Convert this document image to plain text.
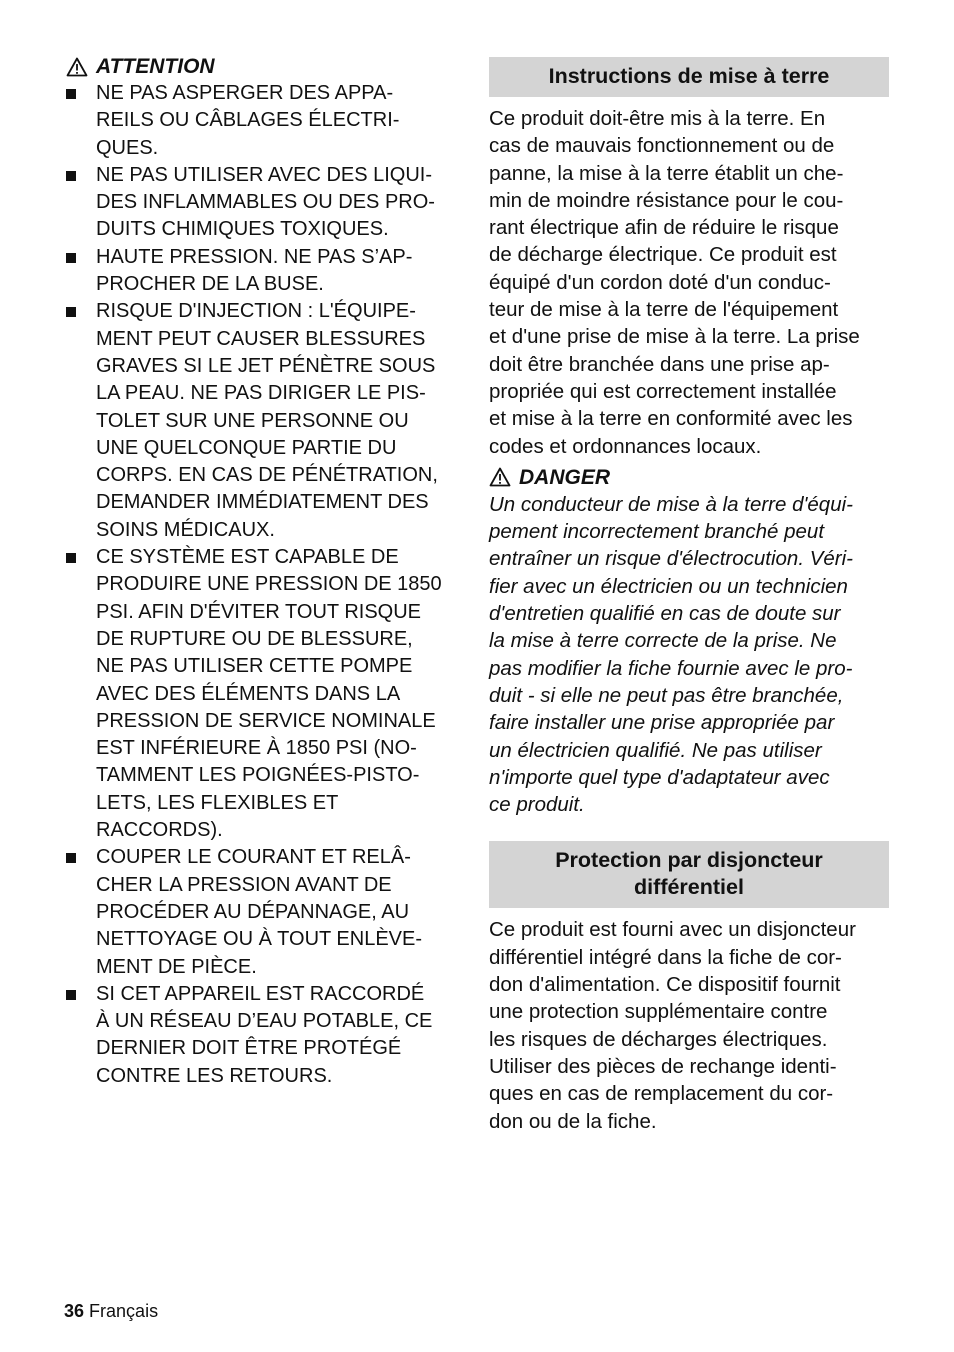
ATTENTION
NE PAS ASPERGER DES APPA-
REILS OU CÂBLAGES ÉLECTRI-
QUES.
NE PAS UTILISER AVEC DES LIQUI-
DES INFLAMMABLES OU DES PRO-
DUITS CHIMIQUES TOXIQUES.
HAUTE PRESSION. NE PAS S’AP-
PROCHER DE LA BUSE.
RISQUE D'INJECTION : L'ÉQUIPE-
MENT PEUT CAUSER BLESSURES
GRAVES SI LE JET PÉNÈTRE SOUS
LA PEAU. NE PAS DIRIGER LE PIS-
TOLET SUR UNE PERSONNE OU
UNE QUELCONQUE PARTIE DU
CORPS. EN CAS DE PÉNÉTRATION,
DEMANDER IMMÉDIATEMENT DES
SOINS MÉDICAUX.
CE SYSTÈME EST CAPABLE DE
PRODUIRE UNE PRESSION DE 1850
PSI. AFIN D'ÉVITER TOUT RISQUE
DE RUPTURE OU DE BLESSURE,
NE PAS UTILISER CETTE POMPE
AVEC DES ÉLÉMENTS DANS LA
PRESSION DE SERVICE NOMINALE
EST INFÉRIEURE À 1850 PSI (NO-
TAMMENT LES POIGNÉES-PISTO-
LETS, LES FLEXIBLES ET
RACCORDS).
COUPER LE COURANT ET RELÂ-
CHER LA PRESSION AVANT DE
PROCÉDER AU DÉPANNAGE, AU
NETTOYAGE OU À TOUT ENLÈVE-
MENT DE PIÈCE.
SI CET APPAREIL EST RACCORDÉ
À UN RÉSEAU D’EAU POTABLE, CE
DERNIER DOIT ÊTRE PROTÉGÉ
CONTRE LES RETOURS.
Instructions de mise à terre

Ce produit doit-être mis à la terre. En
cas de mauvais fonctionnement ou de
panne, la mise à la terre établit un che-
min de moindre résistance pour le cou-
rant électrique afin de réduire le risque
de décharge électrique. Ce produit est
équipé d'un cordon doté d'un conduc-
teur de mise à la terre de l'équipement
et d'une prise de mise à la terre. La prise
doit être branchée dans une prise ap-
propriée qui est correctement installée
et mise à la terre en conformité avec les
codes et ordonnances locaux.

DANGER

Un conducteur de mise à la terre d'équi-
pement incorrectement branché peut
entraîner un risque d'électrocution. Véri-
fier avec un électricien ou un technicien
d'entretien qualifié en cas de doute sur
la mise à terre correcte de la prise. Ne
pas modifier la fiche fournie avec le pro-
duit - si elle ne peut pas être branchée,
faire installer une prise appropriée par
un électricien qualifié. Ne pas utiliser
n'importe quel type d'adaptateur avec
ce produit.

Protection par disjoncteur
différentiel

Ce produit est fourni avec un disjoncteur
différentiel intégré dans la fiche de cor-
don d'alimentation. Ce dispositif fournit
une protection supplémentaire contre
les risques de décharges électriques.
Utiliser des pièces de rechange identi-
ques en cas de remplacement du cor-
don ou de la fiche.

36 Français
